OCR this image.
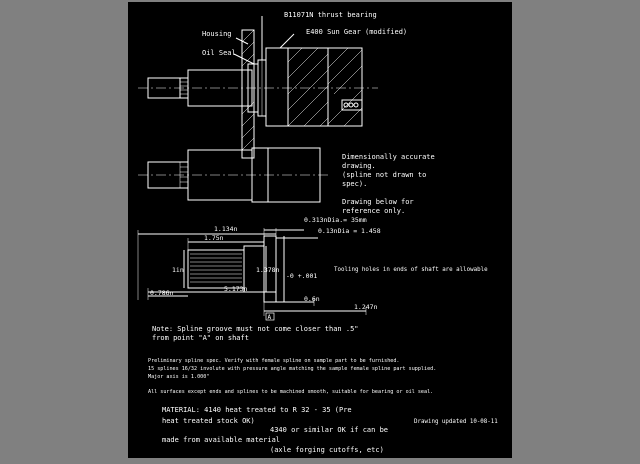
B11071N thrust bearing
Housing	E400 Sun Gear (modified)
Oil Seal
Dimensionally accurate
drawing.
(spline not drawn to
spec).
Drawing below for
reference only.
1.134n
1.75n
0.313nDia.= 35mm
0.13nDia = 1.458
1in	1.378n
-0 +.001
0.786n	5.173n
0.6n
1.247n
A
Tooling holes in ends of shaft are allowable
Note: Spline groove must not come closer than .5"
from point "A" on shaft
Preliminary spline spec. Verify with female spline on sample part to be furnished.
15 splines 16/32 involute with pressure angle matching the sample female spline part supplied.
Major axis is 1.000"
All surfaces except ends and splines to be machined smooth, suitable for bearing or oil seal.
MATERIAL: 4140 heat treated to R 32 - 35 (Pre
heat treated stock OK)
4340 or similar OK if can be
made from available material
(axle forging cutoffs, etc)
Drawing updated 10-08-11
